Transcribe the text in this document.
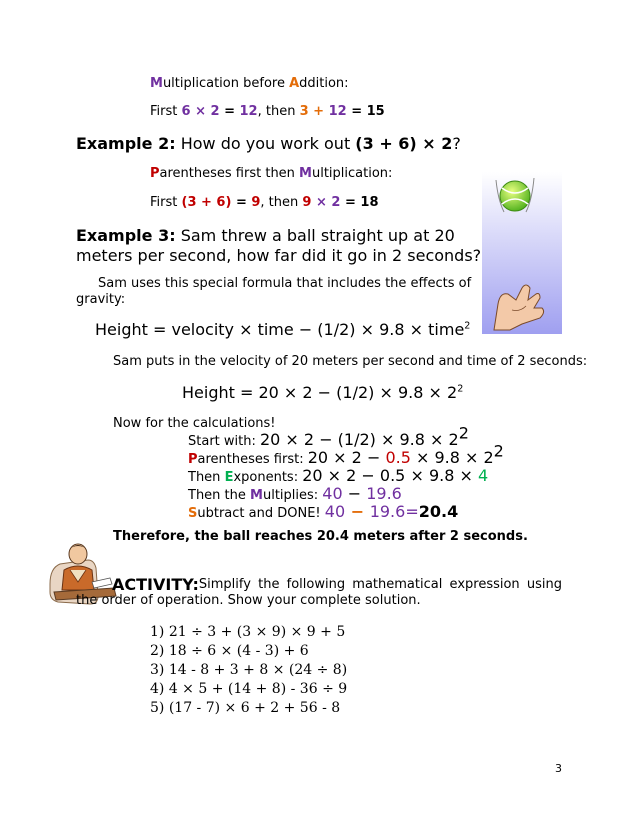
Multiplication before Addition:
First 6 × 2 = 12, then 3 + 12 = 15
Example 2: How do you work out (3 + 6) × 2?
Parentheses first then Multiplication:
First (3 + 6) = 9, then 9 × 2 = 18
Example 3: Sam threw a ball straight up at 20
meters per second, how far did it go in 2 seconds?
Sam uses this special formula that includes the effects of
gravity:
Height = velocity × time − (1/2) × 9.8 × time$^2$
Sam puts in the velocity of 20 meters per second and time of 2 seconds:
Height = $20 \times 2 - (1/2) \times 9.8 \times 2^2$
Now for the calculations!
Start with: $20 \times 2 - (1/2) \times 9.8 \times 2^2$
Parentheses first: $20 \times 2 - 0.5 \times 9.8 \times 2^2$
Then Exponents: 20 × 2 − 0.5 × 9.8 × 4
Then the Multiplies: 40 − 19.6
Subtract and DONE! 40 − 19.6=20.4
Therefore, the ball reaches 20.4 meters after 2 seconds.
ACTIVITY: Simplify the following mathematical expression using
the order of operation. Show your complete solution.
1) 21 ÷ 3 + (3 × 9) × 9 + 5
2) 18 ÷ 6 × (4 - 3) + 6
3) 14 - 8 + 3 + 8 × (24 ÷ 8)
4) 4 × 5 + (14 + 8) - 36 ÷ 9
5) (17 - 7) × 6 + 2 + 56 - 8
3
